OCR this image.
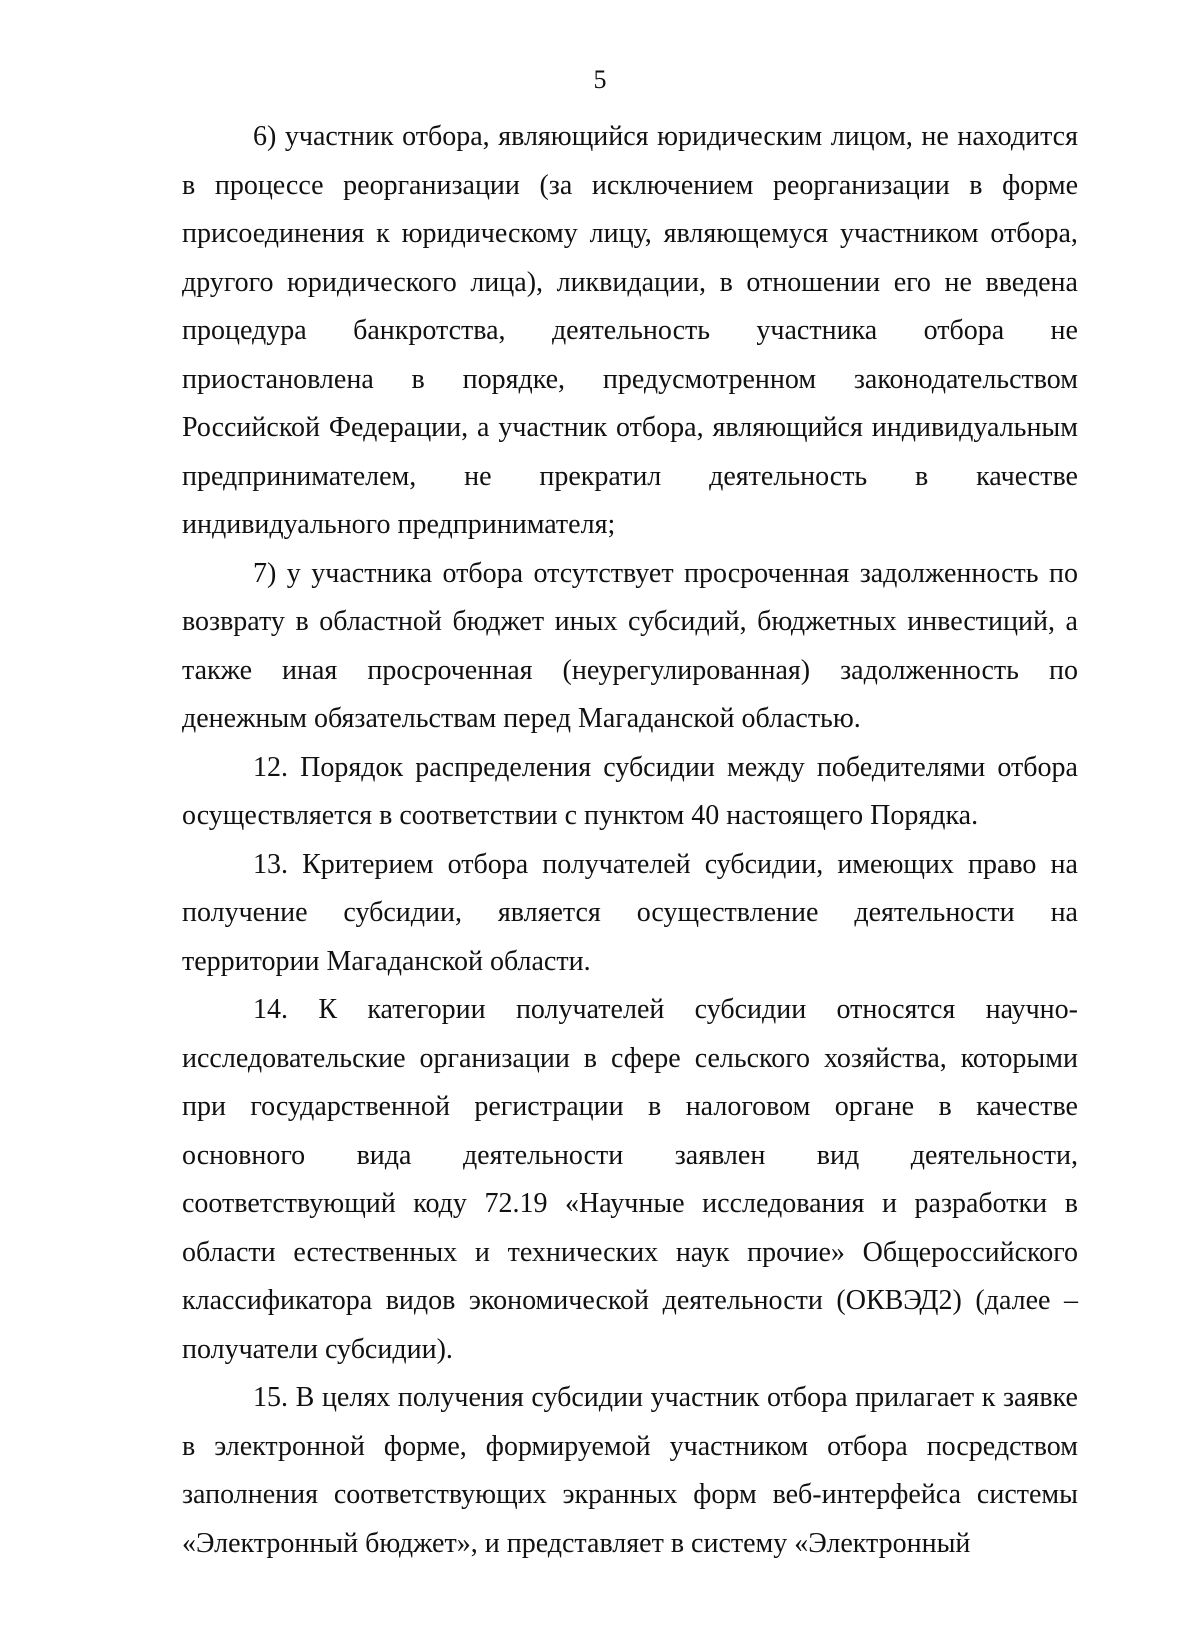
5
6) участник отбора, являющийся юридическим лицом, не находится
в процессе реорганизации (за исключением реорганизации в форме
присоединения к юридическому лицу, являющемуся участником отбора,
другого юридического лица), ликвидации, в отношении его не введена
процедура банкротства, деятельность участника отбора не
приостановлена в порядке, предусмотренном законодательством
Российской Федерации, а участник отбора, являющийся индивидуальным
предпринимателем, не прекратил деятельность в качестве
индивидуального предпринимателя;
7) у участника отбора отсутствует просроченная задолженность по
возврату в областной бюджет иных субсидий, бюджетных инвестиций, а
также иная просроченная (неурегулированная) задолженность по
денежным обязательствам перед Магаданской областью.
12. Порядок распределения субсидии между победителями отбора
осуществляется в соответствии с пунктом 40 настоящего Порядка.
13. Критерием отбора получателей субсидии, имеющих право на
получение субсидии, является осуществление деятельности на
территории Магаданской области.
14. К категории получателей субсидии относятся научно-
исследовательские организации в сфере сельского хозяйства, которыми
при государственной регистрации в налоговом органе в качестве
основного вида деятельности заявлен вид деятельности,
соответствующий коду 72.19 «Научные исследования и разработки в
области естественных и технических наук прочие» Общероссийского
классификатора видов экономической деятельности (ОКВЭД2) (далее –
получатели субсидии).
15. В целях получения субсидии участник отбора прилагает к заявке
в электронной форме, формируемой участником отбора посредством
заполнения соответствующих экранных форм веб-интерфейса системы
«Электронный бюджет», и представляет в систему «Электронный
